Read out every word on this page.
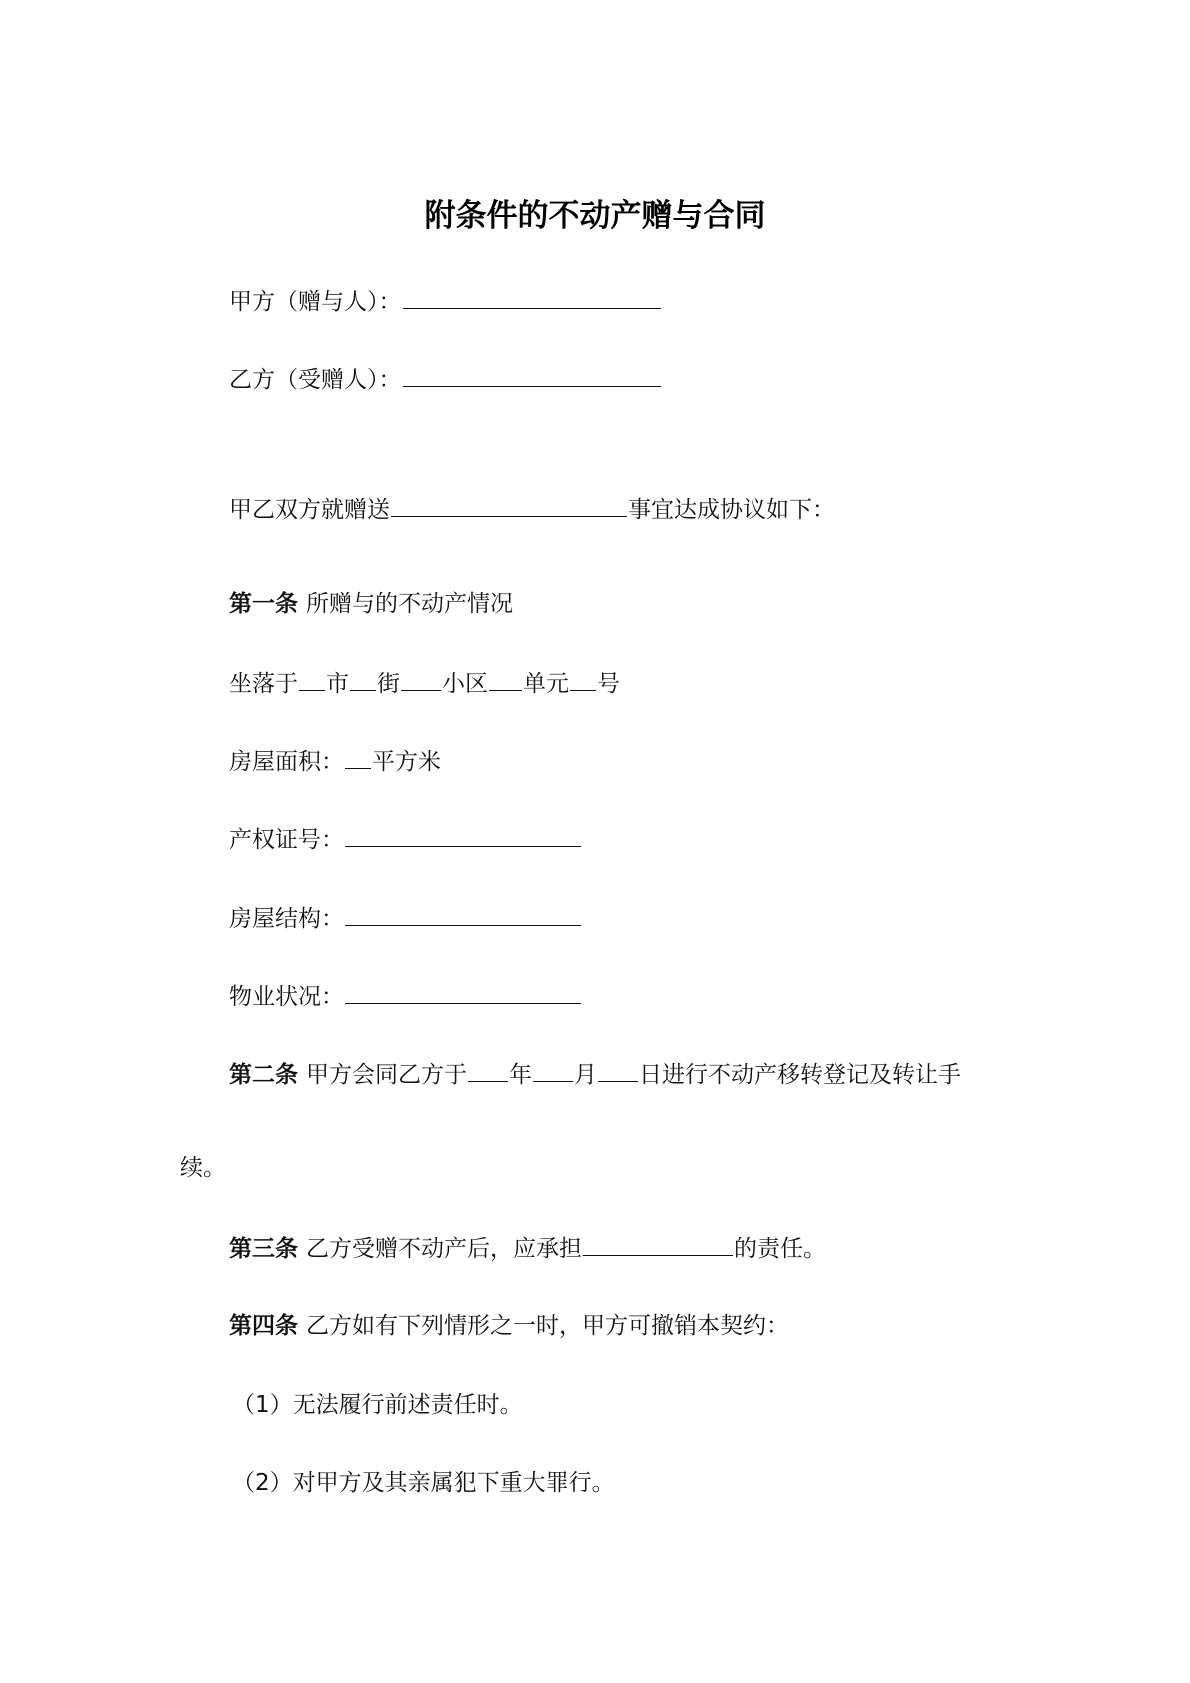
附条件的不动产赠与合同
甲方（赠与人）：
乙方（受赠人）：
甲乙双方就赠送	事宜达成协议如下：
第一条 所赠与的不动产情况
坐落于 市 街 小区 单元 号
房屋面积： 平方米
产权证号：
房屋结构：
物业状况：
第二条 甲方会同乙方于 年 月 日进行不动产移转登记及转让手
续。
第三条 乙方受赠不动产后，应承担	的责任。
第四条 乙方如有下列情形之一时，甲方可撤销本契约：
（1）无法履行前述责任时。
（2）对甲方及其亲属犯下重大罪行。
